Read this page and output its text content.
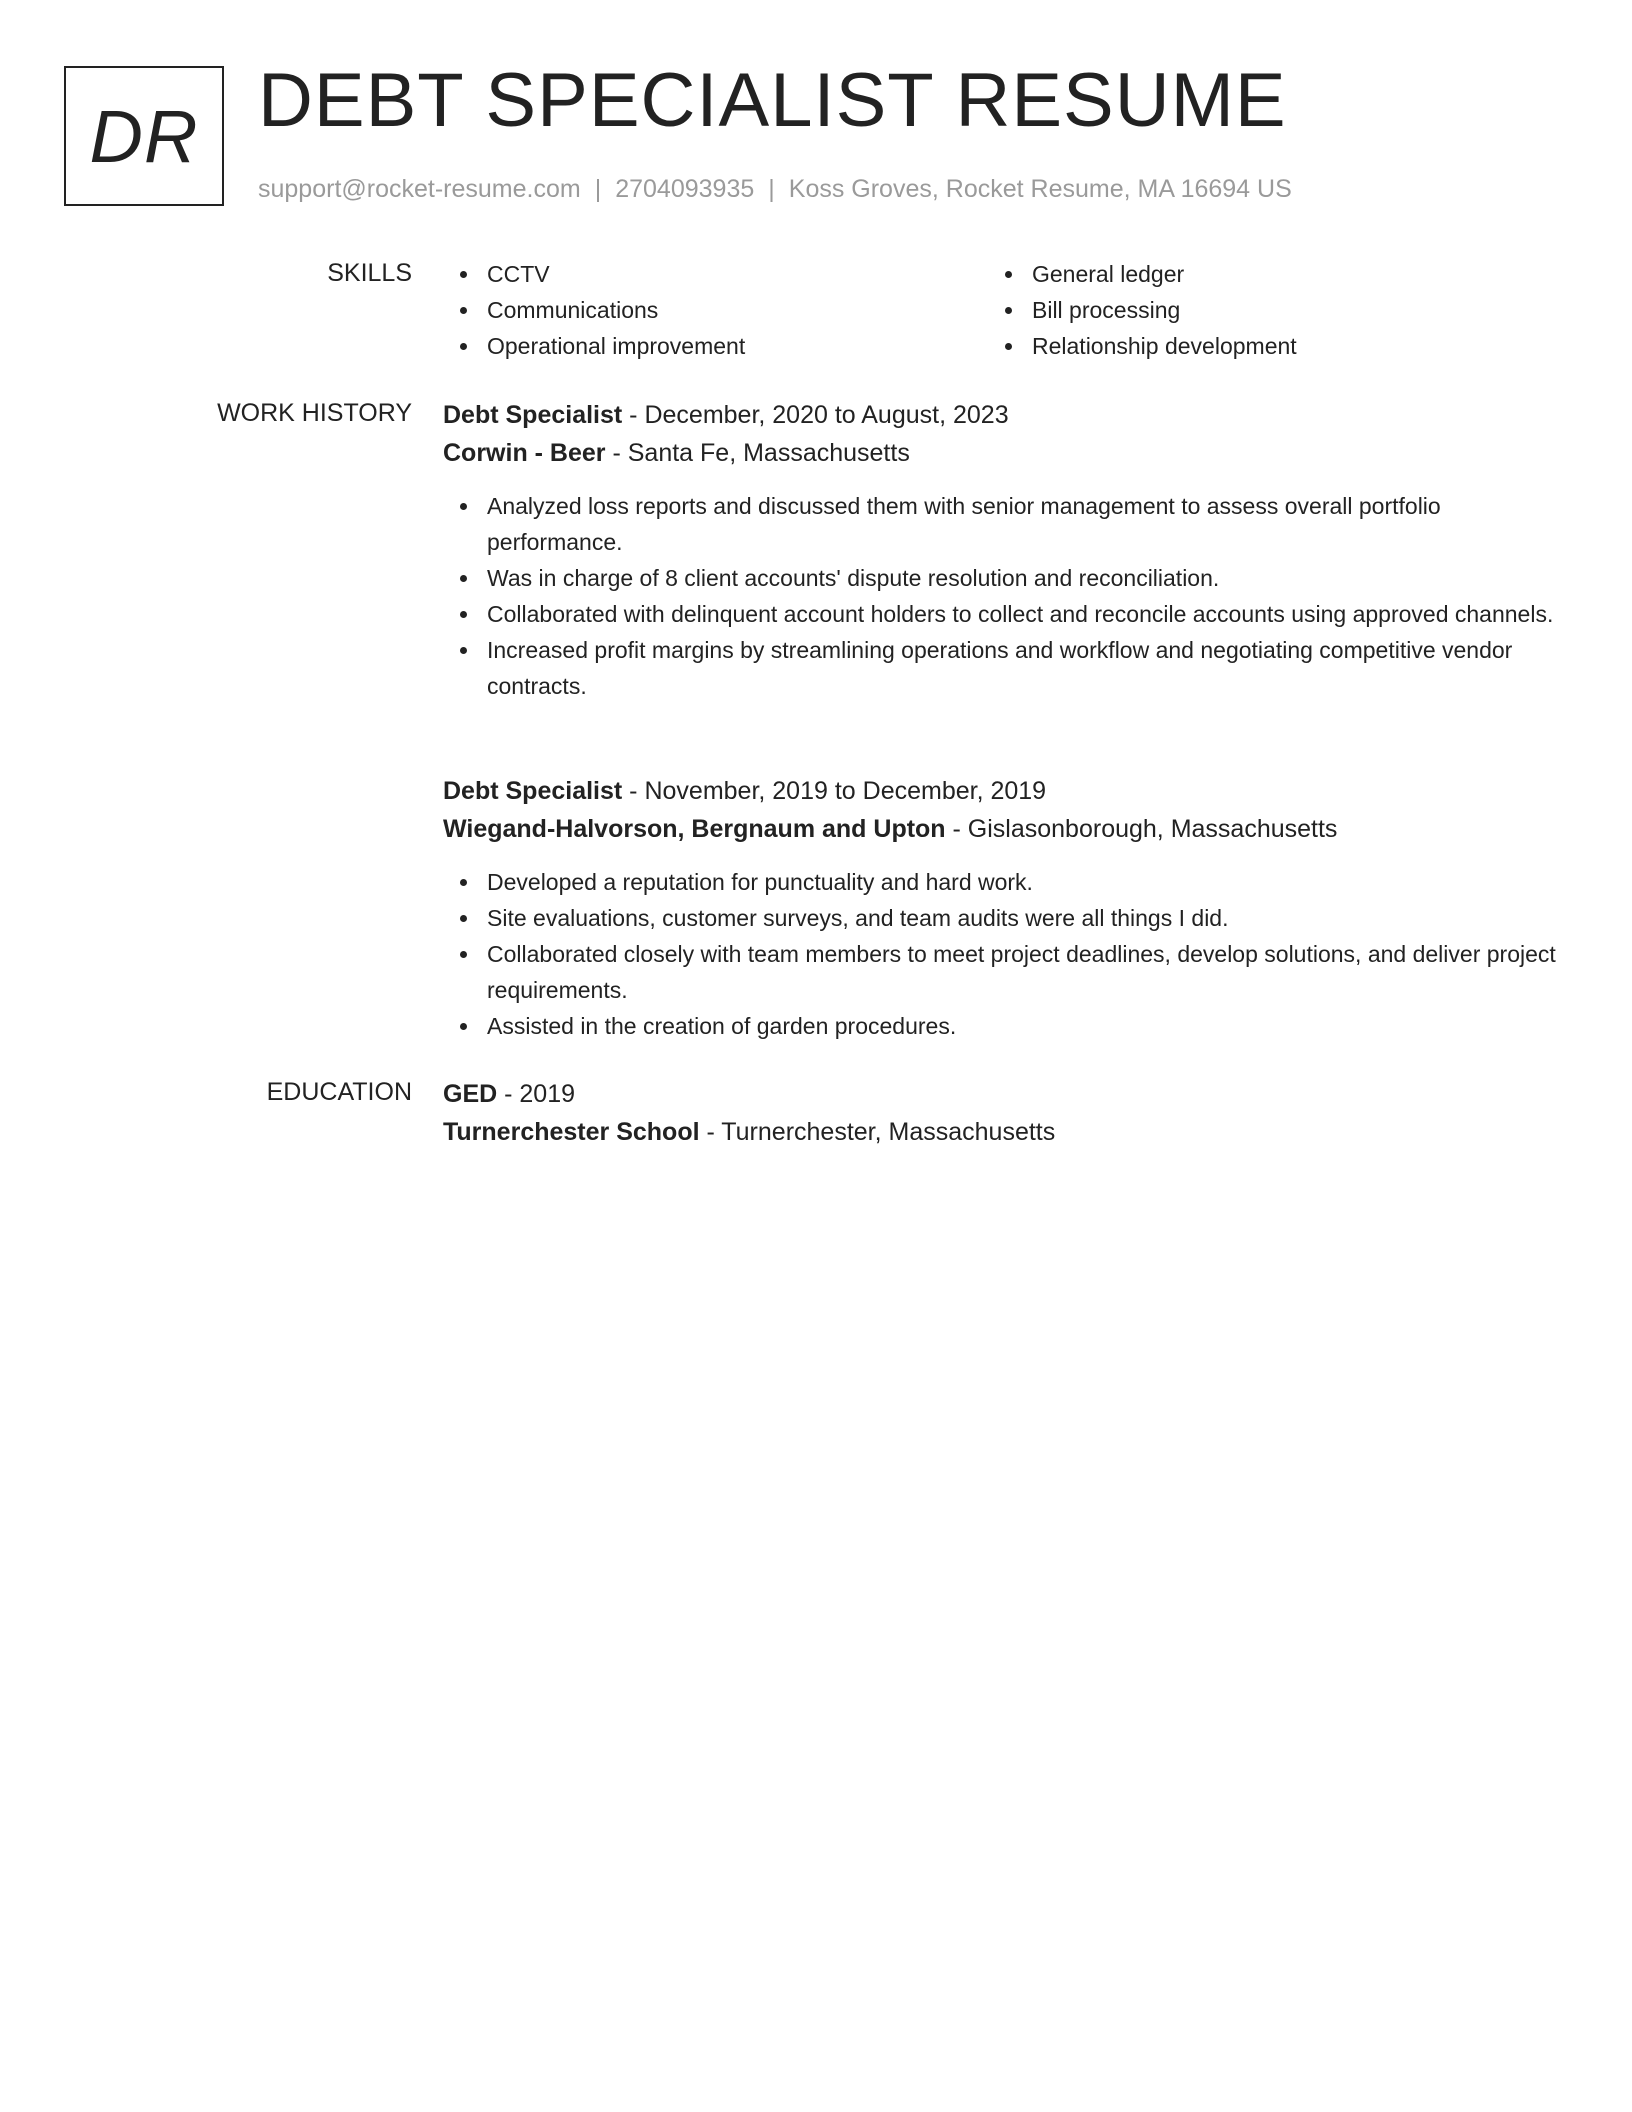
DR DEBT SPECIALIST RESUME
support@rocket-resume.com | 2704093935 | Koss Groves, Rocket Resume, MA 16694 US
SKILLS	CCTV
Communications
Operational improvement
General ledger
Bill processing
Relationship development
WORK HISTORY Debt Specialist - December, 2020 to August, 2023
Corwin - Beer - Santa Fe, Massachusetts
Analyzed loss reports and discussed them with senior management to assess overall portfolio performance.
Was in charge of 8 client accounts' dispute resolution and reconciliation.
Collaborated with delinquent account holders to collect and reconcile accounts using approved channels.
Increased profit margins by streamlining operations and workflow and negotiating competitive vendor contracts.
Debt Specialist - November, 2019 to December, 2019
Wiegand-Halvorson, Bergnaum and Upton - Gislasonborough, Massachusetts
Developed a reputation for punctuality and hard work.
Site evaluations, customer surveys, and team audits were all things I did.
Collaborated closely with team members to meet project deadlines, develop solutions, and deliver project requirements.
Assisted in the creation of garden procedures.
EDUCATION GED - 2019
Turnerchester School - Turnerchester, Massachusetts
